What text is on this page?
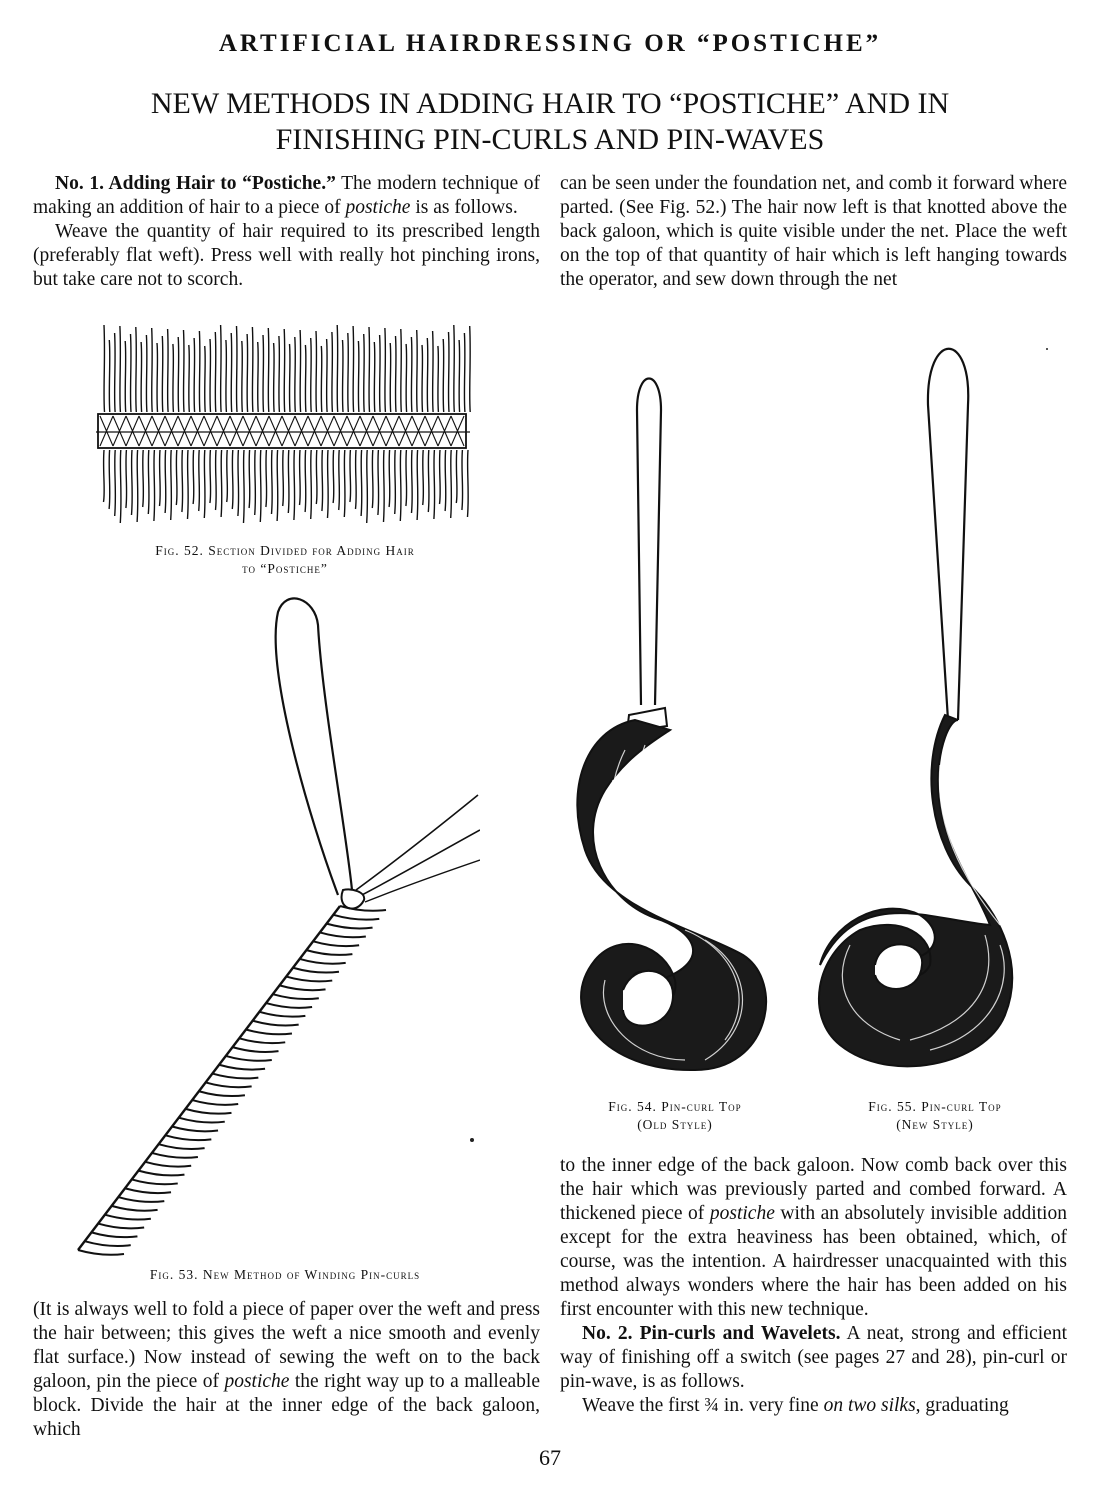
ARTIFICIAL HAIRDRESSING OR “POSTICHE”
NEW METHODS IN ADDING HAIR TO “POSTICHE” AND IN
FINISHING PIN-CURLS AND PIN-WAVES

No. 1. Adding Hair to “Postiche.” The modern technique of making an addition of hair to a piece of postiche is as follows.

Weave the quantity of hair required to its prescribed length (preferably flat weft). Press well with really hot pinching irons, but take care not to scorch.

can be seen under the foundation net, and comb it forward where parted. (See Fig. 52.) The hair now left is that knotted above the back galoon, which is quite visible under the net. Place the weft on the top of that quantity of hair which is left hanging towards the operator, and sew down through the net

Fig. 52. Section Divided for Adding Hair
to “Postiche”
Fig. 53. New Method of Winding Pin-curls
Fig. 54. Pin-curl Top
(Old Style)
Fig. 55. Pin-curl Top
(New Style)

(It is always well to fold a piece of paper over the weft and press the hair between; this gives the weft a nice smooth and evenly flat surface.) Now instead of sewing the weft on to the back galoon, pin the piece of postiche the right way up to a malleable block. Divide the hair at the inner edge of the back galoon, which

to the inner edge of the back galoon. Now comb back over this the hair which was previously parted and combed forward. A thickened piece of postiche with an absolutely invisible addition except for the extra heaviness has been obtained, which, of course, was the intention. A hairdresser unacquainted with this method always wonders where the hair has been added on his first encounter with this new technique.

No. 2. Pin-curls and Wavelets. A neat, strong and efficient way of finishing off a switch (see pages 27 and 28), pin-curl or pin-wave, is as follows.

Weave the first ¾ in. very fine on two silks, graduating

67
